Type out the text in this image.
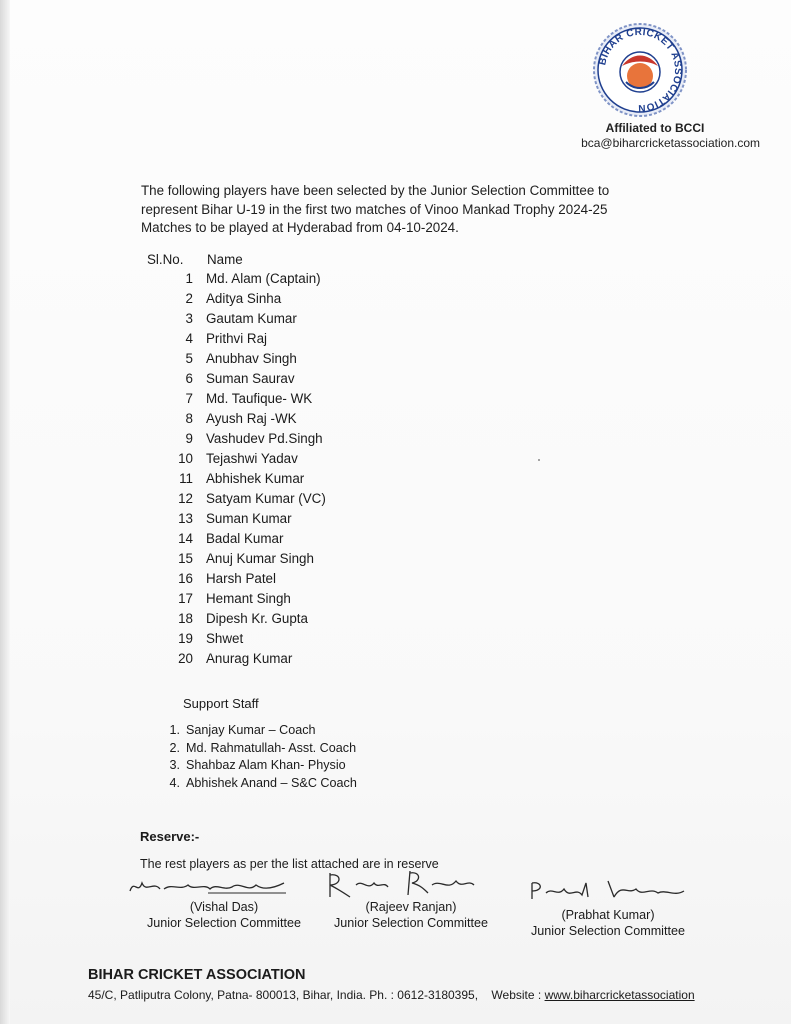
BIHAR CRICKET ASSOCIATION
Affiliated to BCCI
bca@biharcricketassociation.com
The following players have been selected by the Junior Selection Committee to
represent Bihar U-19 in the first two matches of Vinoo Mankad Trophy 2024-25
Matches to be played at Hyderabad from 04-10-2024.
Sl.No. Name
1 Md. Alam (Captain)
2 Aditya Sinha
3 Gautam Kumar
4 Prithvi Raj
5 Anubhav Singh
6 Suman Saurav
7 Md. Taufique- WK
8 Ayush Raj -WK
9 Vashudev Pd.Singh
10 Tejashwi Yadav
11 Abhishek Kumar
12 Satyam Kumar (VC)
13 Suman Kumar
14 Badal Kumar
15 Anuj Kumar Singh
16 Harsh Patel
17 Hemant Singh
18 Dipesh Kr. Gupta
19 Shwet
20 Anurag Kumar
Support Staff
1. Sanjay Kumar – Coach
2. Md. Rahmatullah- Asst. Coach
3. Shahbaz Alam Khan- Physio
4. Abhishek Anand – S&C Coach
Reserve:-
The rest players as per the list attached are in reserve
(Vishal Das)
Junior Selection Committee
(Rajeev Ranjan)
Junior Selection Committee
(Prabhat Kumar)
Junior Selection Committee
BIHAR CRICKET ASSOCIATION
45/C, Patliputra Colony, Patna- 800013, Bihar, India. Ph. : 0612-3180395, Website : www.biharcricketassociation
